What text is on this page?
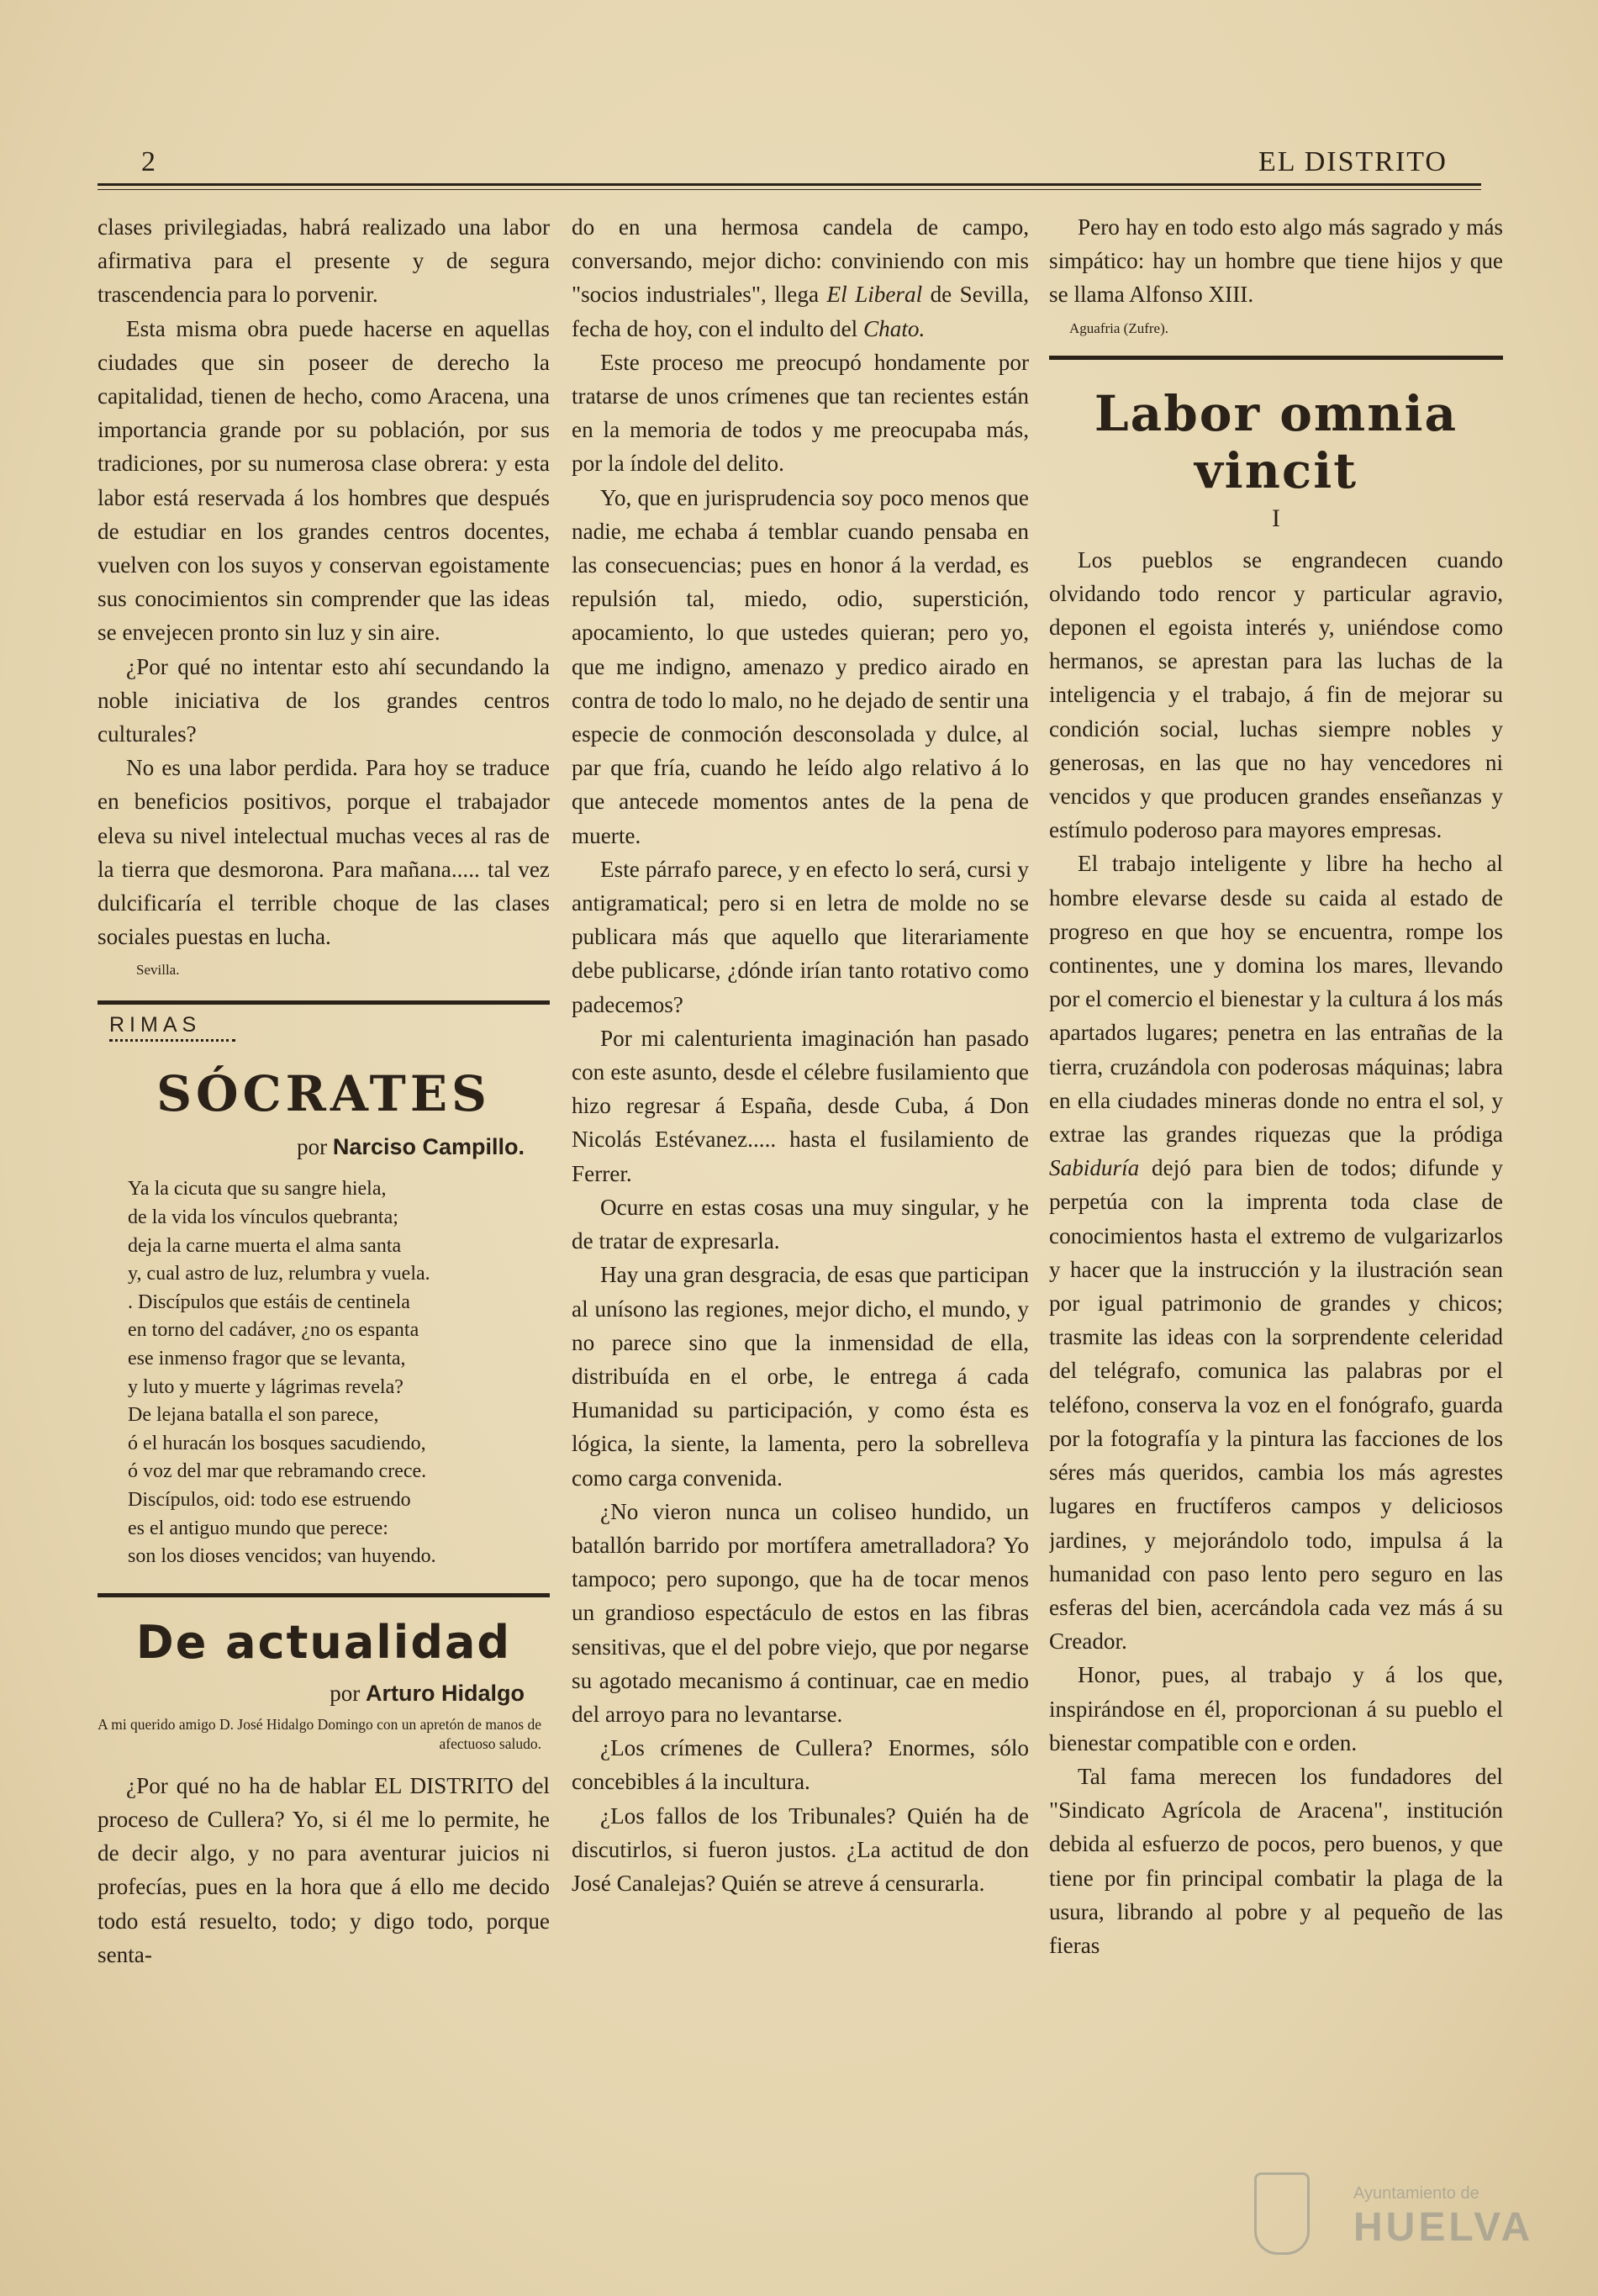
2	EL DISTRITO

clases privilegiadas, habrá realizado una labor afirmativa para el presente y de segura trascendencia para lo porvenir.

Esta misma obra puede hacerse en aquellas ciudades que sin poseer de derecho la capitalidad, tienen de hecho, como Aracena, una importancia grande por su población, por sus tradiciones, por su numerosa clase obrera: y esta labor está reservada á los hombres que después de estudiar en los grandes centros docentes, vuelven con los suyos y conservan egoistamente sus conocimientos sin comprender que las ideas se envejecen pronto sin luz y sin aire.

¿Por qué no intentar esto ahí secundando la noble iniciativa de los grandes centros culturales?

No es una labor perdida. Para hoy se traduce en beneficios positivos, porque el trabajador eleva su nivel intelectual muchas veces al ras de la tierra que desmorona. Para mañana..... tal vez dulcificaría el terrible choque de las clases sociales puestas en lucha.

Sevilla.
RIMAS
SÓCRATES
por Narciso Campillo.
Ya la cicuta que su sangre hiela,
de la vida los vínculos quebranta;
deja la carne muerta el alma santa
y, cual astro de luz, relumbra y vuela.
. Discípulos que estáis de centinela
en torno del cadáver, ¿no os espanta
ese inmenso fragor que se levanta,
y luto y muerte y lágrimas revela?
De lejana batalla el son parece,
ó el huracán los bosques sacudiendo,
ó voz del mar que rebramando crece.
Discípulos, oid: todo ese estruendo
es el antiguo mundo que perece:
son los dioses vencidos; van huyendo.
De actualidad
por Arturo Hidalgo
A mi querido amigo D. José Hidalgo Domingo con un apretón de manos de afectuoso saludo.

¿Por qué no ha de hablar EL DISTRITO del proceso de Cullera? Yo, si él me lo permite, he de decir algo, y no para aventurar juicios ni profecías, pues en la hora que á ello me decido todo está resuelto, todo; y digo todo, porque senta-

do en una hermosa candela de campo, conversando, mejor dicho: conviniendo con mis "socios industriales", llega El Liberal de Sevilla, fecha de hoy, con el indulto del Chato.

Este proceso me preocupó hondamente por tratarse de unos crímenes que tan recientes están en la memoria de todos y me preocupaba más, por la índole del delito.

Yo, que en jurisprudencia soy poco menos que nadie, me echaba á temblar cuando pensaba en las consecuencias; pues en honor á la verdad, es repulsión tal, miedo, odio, superstición, apocamiento, lo que ustedes quieran; pero yo, que me indigno, amenazo y predico airado en contra de todo lo malo, no he dejado de sentir una especie de conmoción desconsolada y dulce, al par que fría, cuando he leído algo relativo á lo que antecede momentos antes de la pena de muerte.

Este párrafo parece, y en efecto lo será, cursi y antigramatical; pero si en letra de molde no se publicara más que aquello que literariamente debe publicarse, ¿dónde irían tanto rotativo como padecemos?

Por mi calenturienta imaginación han pasado con este asunto, desde el célebre fusilamiento que hizo regresar á España, desde Cuba, á Don Nicolás Estévanez..... hasta el fusilamiento de Ferrer.

Ocurre en estas cosas una muy singular, y he de tratar de expresarla.

Hay una gran desgracia, de esas que participan al unísono las regiones, mejor dicho, el mundo, y no parece sino que la inmensidad de ella, distribuída en el orbe, le entrega á cada Humanidad su participación, y como ésta es lógica, la siente, la lamenta, pero la sobrelleva como carga convenida.

¿No vieron nunca un coliseo hundido, un batallón barrido por mortífera ametralladora? Yo tampoco; pero supongo, que ha de tocar menos un grandioso espectáculo de estos en las fibras sensitivas, que el del pobre viejo, que por negarse su agotado mecanismo á continuar, cae en medio del arroyo para no levantarse.

¿Los crímenes de Cullera? Enormes, sólo concebibles á la incultura.

¿Los fallos de los Tribunales? Quién ha de discutirlos, si fueron justos. ¿La actitud de don José Canalejas? Quién se atreve á censurarla.

Pero hay en todo esto algo más sagrado y más simpático: hay un hombre que tiene hijos y que se llama Alfonso XIII.

Aguafria (Zufre).
Labor omnia vincit
I

Los pueblos se engrandecen cuando olvidando todo rencor y particular agravio, deponen el egoista interés y, uniéndose como hermanos, se aprestan para las luchas de la inteligencia y el trabajo, á fin de mejorar su condición social, luchas siempre nobles y generosas, en las que no hay vencedores ni vencidos y que producen grandes enseñanzas y estímulo poderoso para mayores empresas.

El trabajo inteligente y libre ha hecho al hombre elevarse desde su caida al estado de progreso en que hoy se encuentra, rompe los continentes, une y domina los mares, llevando por el comercio el bienestar y la cultura á los más apartados lugares; penetra en las entrañas de la tierra, cruzándola con poderosas máquinas; labra en ella ciudades mineras donde no entra el sol, y extrae las grandes riquezas que la pródiga Sabiduría dejó para bien de todos; difunde y perpetúa con la imprenta toda clase de conocimientos hasta el extremo de vulgarizarlos y hacer que la instrucción y la ilustración sean por igual patrimonio de grandes y chicos; trasmite las ideas con la sorprendente celeridad del telégrafo, comunica las palabras por el teléfono, conserva la voz en el fonógrafo, guarda por la fotografía y la pintura las facciones de los séres más queridos, cambia los más agrestes lugares en fructíferos campos y deliciosos jardines, y mejorándolo todo, impulsa á la humanidad con paso lento pero seguro en las esferas del bien, acercándola cada vez más á su Creador.

Honor, pues, al trabajo y á los que, inspirándose en él, proporcionan á su pueblo el bienestar compatible con e orden.

Tal fama merecen los fundadores del "Sindicato Agrícola de Aracena", institución debida al esfuerzo de pocos, pero buenos, y que tiene por fin principal combatir la plaga de la usura, librando al pobre y al pequeño de las fieras

Ayuntamiento de
HUELVA
